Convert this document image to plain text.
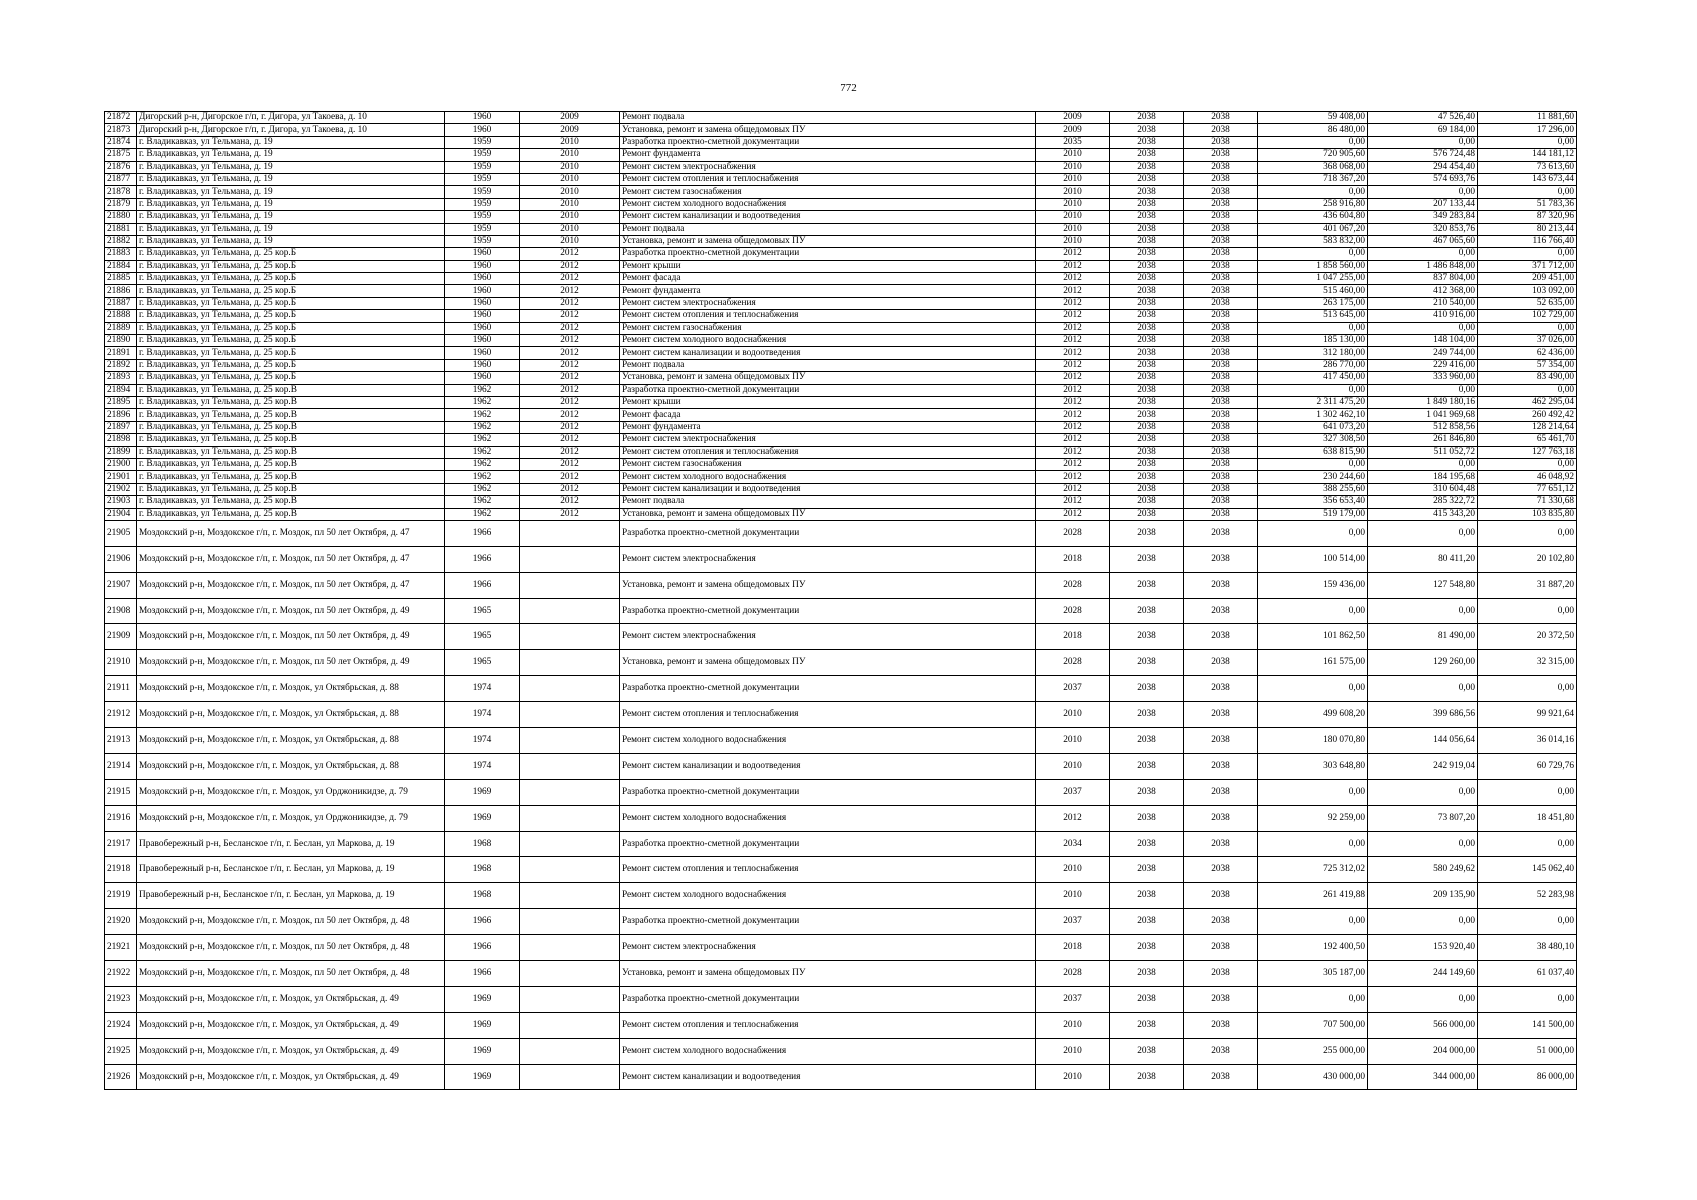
772
21872	Дигорский р-н, Дигорское г/п, г. Дигора, ул Такоева, д. 10	1960	2009	Ремонт подвала	2009	2038	2038	59 408,00	47 526,40	11 881,60
21873	Дигорский р-н, Дигорское г/п, г. Дигора, ул Такоева, д. 10	1960	2009	Установка, ремонт и замена общедомовых ПУ	2009	2038	2038	86 480,00	69 184,00	17 296,00
21874	г. Владикавказ, ул Тельмана, д. 19	1959	2010	Разработка проектно-сметной документации	2035	2038	2038	0,00	0,00	0,00
21875	г. Владикавказ, ул Тельмана, д. 19	1959	2010	Ремонт фундамента	2010	2038	2038	720 905,60	576 724,48	144 181,12
21876	г. Владикавказ, ул Тельмана, д. 19	1959	2010	Ремонт систем электроснабжения	2010	2038	2038	368 068,00	294 454,40	73 613,60
21877	г. Владикавказ, ул Тельмана, д. 19	1959	2010	Ремонт систем отопления и теплоснабжения	2010	2038	2038	718 367,20	574 693,76	143 673,44
21878	г. Владикавказ, ул Тельмана, д. 19	1959	2010	Ремонт систем газоснабжения	2010	2038	2038	0,00	0,00	0,00
21879	г. Владикавказ, ул Тельмана, д. 19	1959	2010	Ремонт систем холодного водоснабжения	2010	2038	2038	258 916,80	207 133,44	51 783,36
21880	г. Владикавказ, ул Тельмана, д. 19	1959	2010	Ремонт систем канализации и водоотведения	2010	2038	2038	436 604,80	349 283,84	87 320,96
21881	г. Владикавказ, ул Тельмана, д. 19	1959	2010	Ремонт подвала	2010	2038	2038	401 067,20	320 853,76	80 213,44
21882	г. Владикавказ, ул Тельмана, д. 19	1959	2010	Установка, ремонт и замена общедомовых ПУ	2010	2038	2038	583 832,00	467 065,60	116 766,40
21883	г. Владикавказ, ул Тельмана, д. 25 кор.Б	1960	2012	Разработка проектно-сметной документации	2012	2038	2038	0,00	0,00	0,00
21884	г. Владикавказ, ул Тельмана, д. 25 кор.Б	1960	2012	Ремонт крыши	2012	2038	2038	1 858 560,00	1 486 848,00	371 712,00
21885	г. Владикавказ, ул Тельмана, д. 25 кор.Б	1960	2012	Ремонт фасада	2012	2038	2038	1 047 255,00	837 804,00	209 451,00
21886	г. Владикавказ, ул Тельмана, д. 25 кор.Б	1960	2012	Ремонт фундамента	2012	2038	2038	515 460,00	412 368,00	103 092,00
21887	г. Владикавказ, ул Тельмана, д. 25 кор.Б	1960	2012	Ремонт систем электроснабжения	2012	2038	2038	263 175,00	210 540,00	52 635,00
21888	г. Владикавказ, ул Тельмана, д. 25 кор.Б	1960	2012	Ремонт систем отопления и теплоснабжения	2012	2038	2038	513 645,00	410 916,00	102 729,00
21889	г. Владикавказ, ул Тельмана, д. 25 кор.Б	1960	2012	Ремонт систем газоснабжения	2012	2038	2038	0,00	0,00	0,00
21890	г. Владикавказ, ул Тельмана, д. 25 кор.Б	1960	2012	Ремонт систем холодного водоснабжения	2012	2038	2038	185 130,00	148 104,00	37 026,00
21891	г. Владикавказ, ул Тельмана, д. 25 кор.Б	1960	2012	Ремонт систем канализации и водоотведения	2012	2038	2038	312 180,00	249 744,00	62 436,00
21892	г. Владикавказ, ул Тельмана, д. 25 кор.Б	1960	2012	Ремонт подвала	2012	2038	2038	286 770,00	229 416,00	57 354,00
21893	г. Владикавказ, ул Тельмана, д. 25 кор.Б	1960	2012	Установка, ремонт и замена общедомовых ПУ	2012	2038	2038	417 450,00	333 960,00	83 490,00
21894	г. Владикавказ, ул Тельмана, д. 25 кор.В	1962	2012	Разработка проектно-сметной документации	2012	2038	2038	0,00	0,00	0,00
21895	г. Владикавказ, ул Тельмана, д. 25 кор.В	1962	2012	Ремонт крыши	2012	2038	2038	2 311 475,20	1 849 180,16	462 295,04
21896	г. Владикавказ, ул Тельмана, д. 25 кор.В	1962	2012	Ремонт фасада	2012	2038	2038	1 302 462,10	1 041 969,68	260 492,42
21897	г. Владикавказ, ул Тельмана, д. 25 кор.В	1962	2012	Ремонт фундамента	2012	2038	2038	641 073,20	512 858,56	128 214,64
21898	г. Владикавказ, ул Тельмана, д. 25 кор.В	1962	2012	Ремонт систем электроснабжения	2012	2038	2038	327 308,50	261 846,80	65 461,70
21899	г. Владикавказ, ул Тельмана, д. 25 кор.В	1962	2012	Ремонт систем отопления и теплоснабжения	2012	2038	2038	638 815,90	511 052,72	127 763,18
21900	г. Владикавказ, ул Тельмана, д. 25 кор.В	1962	2012	Ремонт систем газоснабжения	2012	2038	2038	0,00	0,00	0,00
21901	г. Владикавказ, ул Тельмана, д. 25 кор.В	1962	2012	Ремонт систем холодного водоснабжения	2012	2038	2038	230 244,60	184 195,68	46 048,92
21902	г. Владикавказ, ул Тельмана, д. 25 кор.В	1962	2012	Ремонт систем канализации и водоотведения	2012	2038	2038	388 255,60	310 604,48	77 651,12
21903	г. Владикавказ, ул Тельмана, д. 25 кор.В	1962	2012	Ремонт подвала	2012	2038	2038	356 653,40	285 322,72	71 330,68
21904	г. Владикавказ, ул Тельмана, д. 25 кор.В	1962	2012	Установка, ремонт и замена общедомовых ПУ	2012	2038	2038	519 179,00	415 343,20	103 835,80
21905	Моздокский р-н, Моздокское г/п, г. Моздок, пл 50 лет Октября, д. 47	1966		Разработка проектно-сметной документации	2028	2038	2038	0,00	0,00	0,00
21906	Моздокский р-н, Моздокское г/п, г. Моздок, пл 50 лет Октября, д. 47	1966		Ремонт систем электроснабжения	2018	2038	2038	100 514,00	80 411,20	20 102,80
21907	Моздокский р-н, Моздокское г/п, г. Моздок, пл 50 лет Октября, д. 47	1966		Установка, ремонт и замена общедомовых ПУ	2028	2038	2038	159 436,00	127 548,80	31 887,20
21908	Моздокский р-н, Моздокское г/п, г. Моздок, пл 50 лет Октября, д. 49	1965		Разработка проектно-сметной документации	2028	2038	2038	0,00	0,00	0,00
21909	Моздокский р-н, Моздокское г/п, г. Моздок, пл 50 лет Октября, д. 49	1965		Ремонт систем электроснабжения	2018	2038	2038	101 862,50	81 490,00	20 372,50
21910	Моздокский р-н, Моздокское г/п, г. Моздок, пл 50 лет Октября, д. 49	1965		Установка, ремонт и замена общедомовых ПУ	2028	2038	2038	161 575,00	129 260,00	32 315,00
21911	Моздокский р-н, Моздокское г/п, г. Моздок, ул Октябрьская, д. 88	1974		Разработка проектно-сметной документации	2037	2038	2038	0,00	0,00	0,00
21912	Моздокский р-н, Моздокское г/п, г. Моздок, ул Октябрьская, д. 88	1974		Ремонт систем отопления и теплоснабжения	2010	2038	2038	499 608,20	399 686,56	99 921,64
21913	Моздокский р-н, Моздокское г/п, г. Моздок, ул Октябрьская, д. 88	1974		Ремонт систем холодного водоснабжения	2010	2038	2038	180 070,80	144 056,64	36 014,16
21914	Моздокский р-н, Моздокское г/п, г. Моздок, ул Октябрьская, д. 88	1974		Ремонт систем канализации и водоотведения	2010	2038	2038	303 648,80	242 919,04	60 729,76
21915	Моздокский р-н, Моздокское г/п, г. Моздок, ул Орджоникидзе, д. 79	1969		Разработка проектно-сметной документации	2037	2038	2038	0,00	0,00	0,00
21916	Моздокский р-н, Моздокское г/п, г. Моздок, ул Орджоникидзе, д. 79	1969		Ремонт систем холодного водоснабжения	2012	2038	2038	92 259,00	73 807,20	18 451,80
21917	Правобережный р-н, Бесланское г/п, г. Беслан, ул Маркова, д. 19	1968		Разработка проектно-сметной документации	2034	2038	2038	0,00	0,00	0,00
21918	Правобережный р-н, Бесланское г/п, г. Беслан, ул Маркова, д. 19	1968		Ремонт систем отопления и теплоснабжения	2010	2038	2038	725 312,02	580 249,62	145 062,40
21919	Правобережный р-н, Бесланское г/п, г. Беслан, ул Маркова, д. 19	1968		Ремонт систем холодного водоснабжения	2010	2038	2038	261 419,88	209 135,90	52 283,98
21920	Моздокский р-н, Моздокское г/п, г. Моздок, пл 50 лет Октября, д. 48	1966		Разработка проектно-сметной документации	2037	2038	2038	0,00	0,00	0,00
21921	Моздокский р-н, Моздокское г/п, г. Моздок, пл 50 лет Октября, д. 48	1966		Ремонт систем электроснабжения	2018	2038	2038	192 400,50	153 920,40	38 480,10
21922	Моздокский р-н, Моздокское г/п, г. Моздок, пл 50 лет Октября, д. 48	1966		Установка, ремонт и замена общедомовых ПУ	2028	2038	2038	305 187,00	244 149,60	61 037,40
21923	Моздокский р-н, Моздокское г/п, г. Моздок, ул Октябрьская, д. 49	1969		Разработка проектно-сметной документации	2037	2038	2038	0,00	0,00	0,00
21924	Моздокский р-н, Моздокское г/п, г. Моздок, ул Октябрьская, д. 49	1969		Ремонт систем отопления и теплоснабжения	2010	2038	2038	707 500,00	566 000,00	141 500,00
21925	Моздокский р-н, Моздокское г/п, г. Моздок, ул Октябрьская, д. 49	1969		Ремонт систем холодного водоснабжения	2010	2038	2038	255 000,00	204 000,00	51 000,00
21926	Моздокский р-н, Моздокское г/п, г. Моздок, ул Октябрьская, д. 49	1969		Ремонт систем канализации и водоотведения	2010	2038	2038	430 000,00	344 000,00	86 000,00
